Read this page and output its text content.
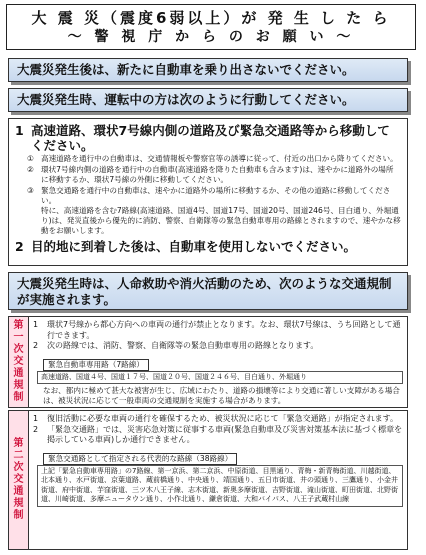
大 震 災（震度6弱以上）が 発 生 し た ら
～ 警 視 庁 か ら の お 願 い ～
大震災発生後は、新たに自動車を乗り出さないでください。
大震災発生時、運転中の方は次のように行動してください。
1 高速道路、環状7号線内側の道路及び緊急交通路等から移動してください。
① 高速道路を通行中の自動車は、交通情報板や警察官等の誘導に従って、付近の出口から降りてください。
② 環状7号線内側の道路を通行中の自動車(高速道路を降りた自動車も含みます)は、速やかに道路外の場所に移動するか、環状7号線の外側に移動してください。
③ 緊急交通路を通行中の自動車は、速やかに道路外の場所に移動するか、その他の道路に移動してください。
特に、高速道路を含む7路線(高速道路、国道4号、国道17号、国道20号、国道246号、目白通り、外堀通り)は、発災直後から優先的に消防、警察、自衛隊等の緊急自動車専用の路線とされますので、速やかな移動をお願いします。
2 目的地に到着した後は、自動車を使用しないでください。
大震災発生時は、人命救助や消火活動のため、次のような交通規制が実施されます。
第
一
次
交
通
規
制
1	環状7号線から都心方向への車両の通行が禁止となります。なお、環状7号線は、うち回路として通行できます。
2	次の路線では、消防、警察、自衛隊等の緊急自動車専用の路線となります。
緊急自動車専用路（7路線）
高速道路、国道４号、国道１７号、国道２０号、国道２４６号、目白通り、外堀通り
なお、都内に極めて甚大な被害が生じ、広域にわたり、道路の損壊等により交通に著しい支障がある場合は、被災状況に応じて一般車両の交通規制を実施する場合があります。
第
二
次
交
通
規
制
1	復旧活動に必要な車両の通行を確保するため、被災状況に応じて「緊急交通路」が指定されます。
2	「緊急交通路」では、災害応急対策に従事する車両(緊急自動車及び災害対策基本法に基づく標章を掲示している車両)しか通行できません。
緊急交通路として指定される代表的な路線（38路線）
上記「緊急自動車専用路」の7路線、第一京浜、第二京浜、中原街道、目黒通り、青梅・新青梅街道、川越街道、北本通り、水戸街道、京葉道路、蔵前橋通り、中央通り、靖国通り、五日市街道、井の頭通り、三鷹通り、小金井街道、府中街道、芋窪街道、三ツ木八王子線、志木街道、新奥多摩街道、吉野街道、滝山街道、町田街道、北野街道、川崎街道、多摩ニュータウン通り、小作北通り、鎌倉街道、大和バイパス、八王子武蔵村山線
